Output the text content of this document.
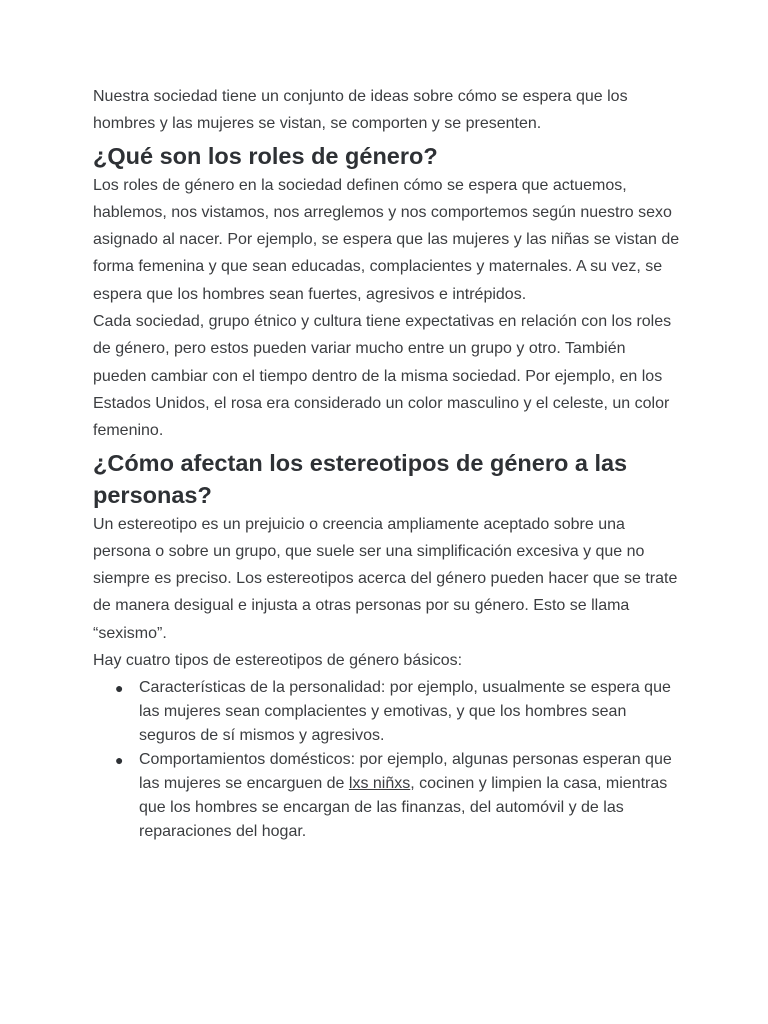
Nuestra sociedad tiene un conjunto de ideas sobre cómo se espera que los hombres y las mujeres se vistan, se comporten y se presenten.

¿Qué son los roles de género?

Los roles de género en la sociedad definen cómo se espera que actuemos, hablemos, nos vistamos, nos arreglemos y nos comportemos según nuestro sexo asignado al nacer. Por ejemplo, se espera que las mujeres y las niñas se vistan de forma femenina y que sean educadas, complacientes y maternales. A su vez, se espera que los hombres sean fuertes, agresivos e intrépidos.

Cada sociedad, grupo étnico y cultura tiene expectativas en relación con los roles de género, pero estos pueden variar mucho entre un grupo y otro. También pueden cambiar con el tiempo dentro de la misma sociedad. Por ejemplo, en los Estados Unidos, el rosa era considerado un color masculino y el celeste, un color femenino.

¿Cómo afectan los estereotipos de género a las personas?

Un estereotipo es un prejuicio o creencia ampliamente aceptado sobre una persona o sobre un grupo, que suele ser una simplificación excesiva y que no siempre es preciso. Los estereotipos acerca del género pueden hacer que se trate de manera desigual e injusta a otras personas por su género. Esto se llama “sexismo”.

Hay cuatro tipos de estereotipos de género básicos:

● Características de la personalidad: por ejemplo, usualmente se espera que las mujeres sean complacientes y emotivas, y que los hombres sean seguros de sí mismos y agresivos.
● Comportamientos domésticos: por ejemplo, algunas personas esperan que las mujeres se encarguen de lxs niñxs, cocinen y limpien la casa, mientras que los hombres se encargan de las finanzas, del automóvil y de las reparaciones del hogar.
